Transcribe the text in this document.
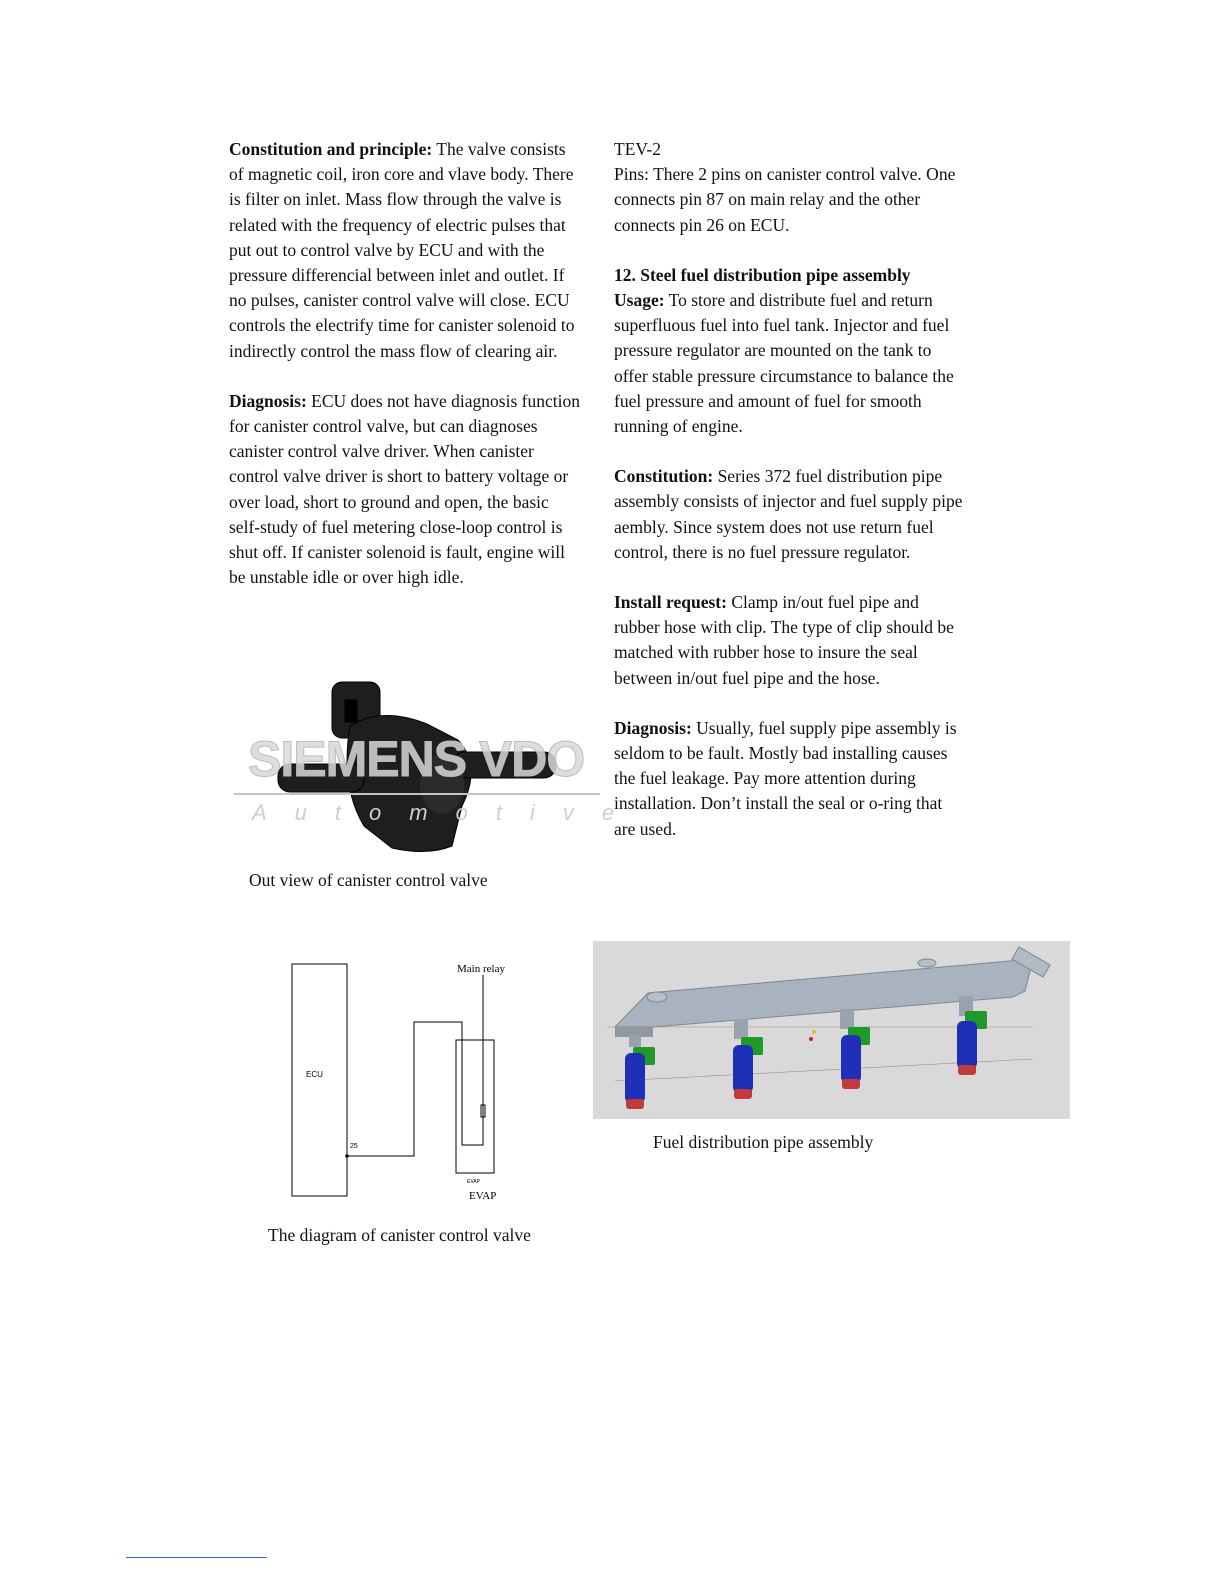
Constitution and principle: The valve consists of magnetic coil, iron core and vlave body. There is filter on inlet. Mass flow through the valve is related with the frequency of electric pulses that put out to control valve by ECU and with the pressure differencial between inlet and outlet. If no pulses, canister control valve will close. ECU controls the electrify time for canister solenoid to indirectly control the mass flow of clearing air.

Diagnosis: ECU does not have diagnosis function for canister control valve, but can diagnoses canister control valve driver. When canister control valve driver is short to battery voltage or over load, short to ground and open, the basic self-study of fuel metering close-loop control is shut off. If canister solenoid is fault, engine will be unstable idle or over high idle.

SIEMENS VDO
Automotive
Out view of canister control valve

TEV-2

Pins: There 2 pins on canister control valve. One connects pin 87 on main relay and the other connects pin 26 on ECU.

12. Steel fuel distribution pipe assembly

Usage: To store and distribute fuel and return superfluous fuel into fuel tank. Injector and fuel pressure regulator are mounted on the tank to offer stable pressure circumstance to balance the fuel pressure and amount of fuel for smooth running of engine.

Constitution: Series 372 fuel distribution pipe assembly consists of injector and fuel supply pipe aembly. Since system does not use return fuel control, there is no fuel pressure regulator.

Install request: Clamp in/out fuel pipe and rubber hose with clip. The type of clip should be matched with rubber hose to insure the seal between in/out fuel pipe and the hose.

Diagnosis: Usually, fuel supply pipe assembly is seldom to be fault. Mostly bad installing causes the fuel leakage. Pay more attention during installation. Don’t install the seal or o-ring that are used.

ECU
25
Main relay
EVAP
EVAP
The diagram of canister control valve
Fuel distribution pipe assembly
